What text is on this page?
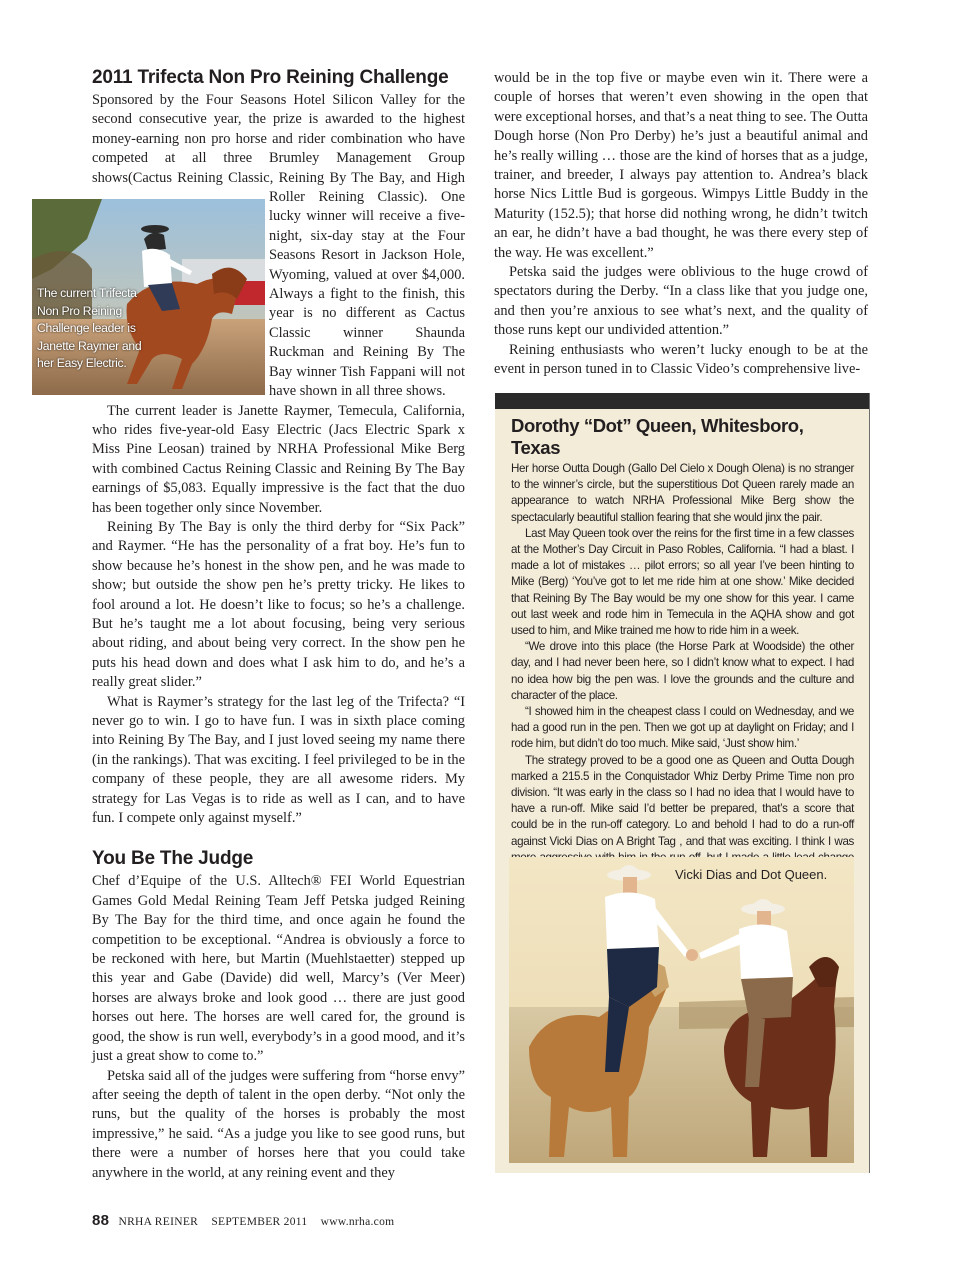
2011 Trifecta Non Pro Reining Challenge

Sponsored by the Four Seasons Hotel Silicon Valley for the second consecutive year, the prize is awarded to the highest money-earning non pro horse and rider combination who have competed at all three Brumley Management Group shows(Cactus Reining Classic, Reining By The Bay, and High Roller Reining Classic). One lucky winner will receive a five-night, six-day stay at the Four Seasons Resort in Jackson Hole, Wyoming, valued at over $4,000. Always a fight to the finish, this year is no different as Cactus Classic winner Shaunda Ruckman and Reining By The Bay winner Tish Fappani will not have shown in all three shows.

The current leader is Janette Raymer, Temecula, California, who rides five-year-old Easy Electric (Jacs Electric Spark x Miss Pine Leosan) trained by NRHA Professional Mike Berg with combined Cactus Reining Classic and Reining By The Bay earnings of $5,083. Equally impressive is the fact that the duo has been together only since November.

Reining By The Bay is only the third derby for “Six Pack” and Raymer. “He has the personality of a frat boy. He’s fun to show because he’s honest in the show pen, and he was made to show; but outside the show pen he’s pretty tricky. He likes to fool around a lot. He doesn’t like to focus; so he’s a challenge. But he’s taught me a lot about focusing, being very serious about riding, and about being very correct. In the show pen he puts his head down and does what I ask him to do, and he’s a really great slider.”

What is Raymer’s strategy for the last leg of the Trifecta? “I never go to win. I go to have fun. I was in sixth place coming into Reining By The Bay, and I just loved seeing my name there (in the rankings). That was exciting. I feel privileged to be in the company of these people, they are all awesome riders. My strategy for Las Vegas is to ride as well as I can, and to have fun. I compete only against myself.”

You Be The Judge

Chef d’Equipe of the U.S. Alltech® FEI World Equestrian Games Gold Medal Reining Team Jeff Petska judged Reining By The Bay for the third time, and once again he found the competition to be exceptional. “Andrea is obviously a force to be reckoned with here, but Martin (Muehlstaetter) stepped up this year and Gabe (Davide) did well, Marcy’s (Ver Meer) horses are always broke and look good … there are just good horses out here. The horses are well cared for, the ground is good, the show is run well, everybody’s in a good mood, and it’s just a great show to come to.”

Petska said all of the judges were suffering from “horse envy” after seeing the depth of talent in the open derby. “Not only the runs, but the quality of the horses is probably the most impressive,” he said. “As a judge you like to see good runs, but there were a number of horses here that you could take anywhere in the world, at any reining event and they

The current Trifecta Non Pro Reining Challenge leader is Janette Raymer and her Easy Electric.

would be in the top five or maybe even win it. There were a couple of horses that weren’t even showing in the open that were exceptional horses, and that’s a neat thing to see. The Outta Dough horse (Non Pro Derby) he’s just a beautiful animal and he’s really willing … those are the kind of horses that as a judge, trainer, and breeder, I always pay attention to. Andrea’s black horse Nics Little Bud is gorgeous. Wimpys Little Buddy in the Maturity (152.5); that horse did nothing wrong, he didn’t twitch an ear, he didn’t have a bad thought, he was there every step of the way. He was excellent.”

Petska said the judges were oblivious to the huge crowd of spectators during the Derby. “In a class like that you judge one, and then you’re anxious to see what’s next, and the quality of those runs kept our undivided attention.”

Reining enthusiasts who weren’t lucky enough to be at the event in person tuned in to Classic Video’s comprehensive live-

Dorothy “Dot” Queen, Whitesboro, Texas

Her horse Outta Dough (Gallo Del Cielo x Dough Olena) is no stranger to the winner’s circle, but the superstitious Dot Queen rarely made an appearance to watch NRHA Professional Mike Berg show the spectacularly beautiful stallion fearing that she would jinx the pair.

Last May Queen took over the reins for the first time in a few classes at the Mother’s Day Circuit in Paso Robles, California. “I had a blast. I made a lot of mistakes … pilot errors; so all year I’ve been hinting to Mike (Berg) ‘You’ve got to let me ride him at one show.’ Mike decided that Reining By The Bay would be my one show for this year. I came out last week and rode him in Temecula in the AQHA show and got used to him, and Mike trained me how to ride him in a week.

“We drove into this place (the Horse Park at Woodside) the other day, and I had never been here, so I didn’t know what to expect. I had no idea how big the pen was. I love the grounds and the culture and character of the place.

“I showed him in the cheapest class I could on Wednesday, and we had a good run in the pen. Then we got up at daylight on Friday; and I rode him, but didn’t do too much. Mike said, ‘Just show him.’

The strategy proved to be a good one as Queen and Outta Dough marked a 215.5 in the Conquistador Whiz Derby Prime Time non pro division. “It was early in the class so I had no idea that I would have to have a run-off. Mike said I’d better be prepared, that’s a score that could be in the run-off category. Lo and behold I had to do a run-off against Vicki Dias on A Bright Tag , and that was exciting. I think I was

Vicki Dias and Dot Queen.
88 NRHA REINER SEPTEMBER 2011 www.nrha.com
